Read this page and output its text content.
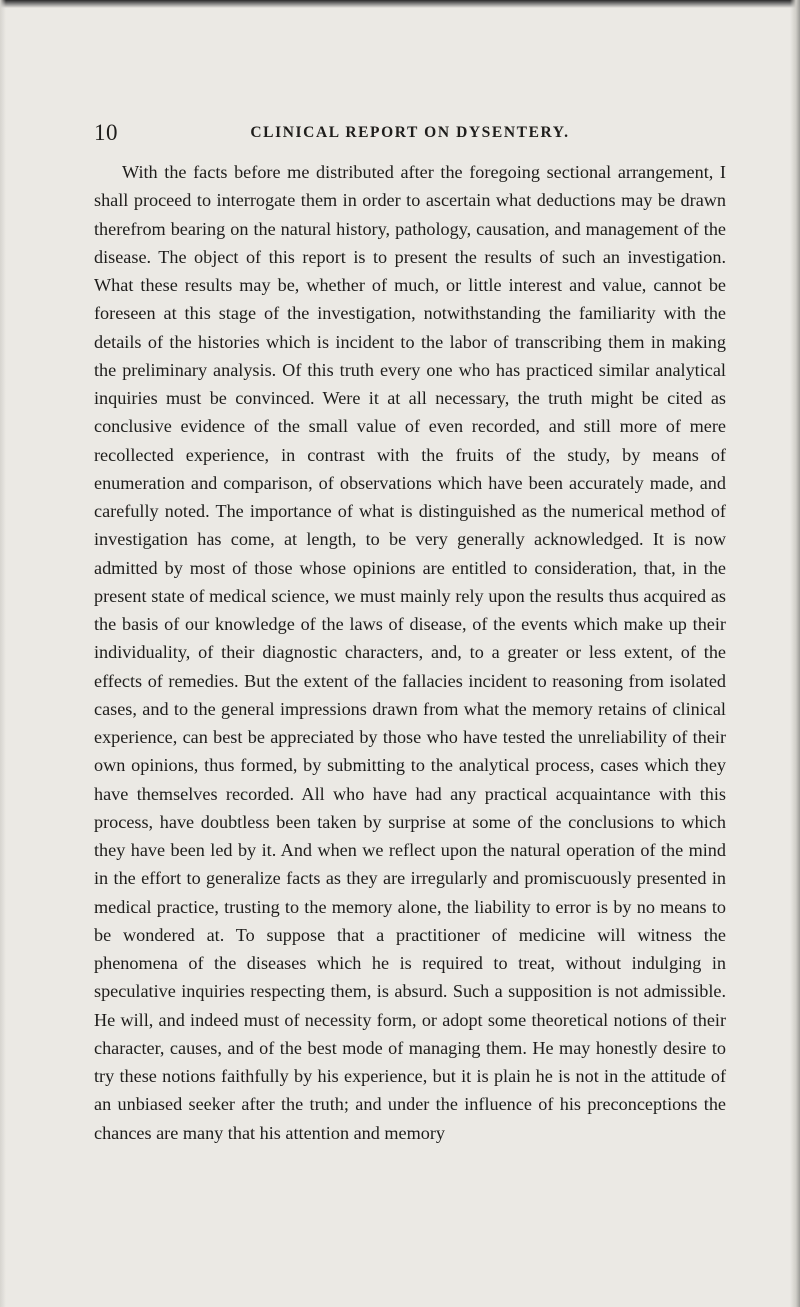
10	CLINICAL REPORT ON DYSENTERY.

With the facts before me distributed after the foregoing sectional arrangement, I shall proceed to interrogate them in order to ascertain what deductions may be drawn therefrom bearing on the natural history, pathology, causation, and management of the disease. The object of this report is to present the results of such an investigation. What these results may be, whether of much, or little interest and value, cannot be foreseen at this stage of the investigation, notwithstanding the familiarity with the details of the histories which is incident to the labor of transcribing them in making the preliminary analysis. Of this truth every one who has practiced similar analytical inquiries must be convinced. Were it at all necessary, the truth might be cited as conclusive evidence of the small value of even recorded, and still more of mere recollected experience, in contrast with the fruits of the study, by means of enumeration and comparison, of observations which have been accurately made, and carefully noted. The importance of what is distinguished as the numerical method of investigation has come, at length, to be very generally acknowledged. It is now admitted by most of those whose opinions are entitled to consideration, that, in the present state of medical science, we must mainly rely upon the results thus acquired as the basis of our knowledge of the laws of disease, of the events which make up their individuality, of their diagnostic characters, and, to a greater or less extent, of the effects of remedies. But the extent of the fallacies incident to reasoning from isolated cases, and to the general impressions drawn from what the memory retains of clinical experience, can best be appreciated by those who have tested the unreliability of their own opinions, thus formed, by submitting to the analytical process, cases which they have themselves recorded. All who have had any practical acquaintance with this process, have doubtless been taken by surprise at some of the conclusions to which they have been led by it. And when we reflect upon the natural operation of the mind in the effort to generalize facts as they are irregularly and promiscuously presented in medical practice, trusting to the memory alone, the liability to error is by no means to be wondered at. To suppose that a practitioner of medicine will witness the phenomena of the diseases which he is required to treat, without indulging in speculative inquiries respecting them, is absurd. Such a supposition is not admissible. He will, and indeed must of necessity form, or adopt some theoretical notions of their character, causes, and of the best mode of managing them. He may honestly desire to try these notions faithfully by his experience, but it is plain he is not in the attitude of an unbiased seeker after the truth; and under the influence of his preconceptions the chances are many that his attention and memory
